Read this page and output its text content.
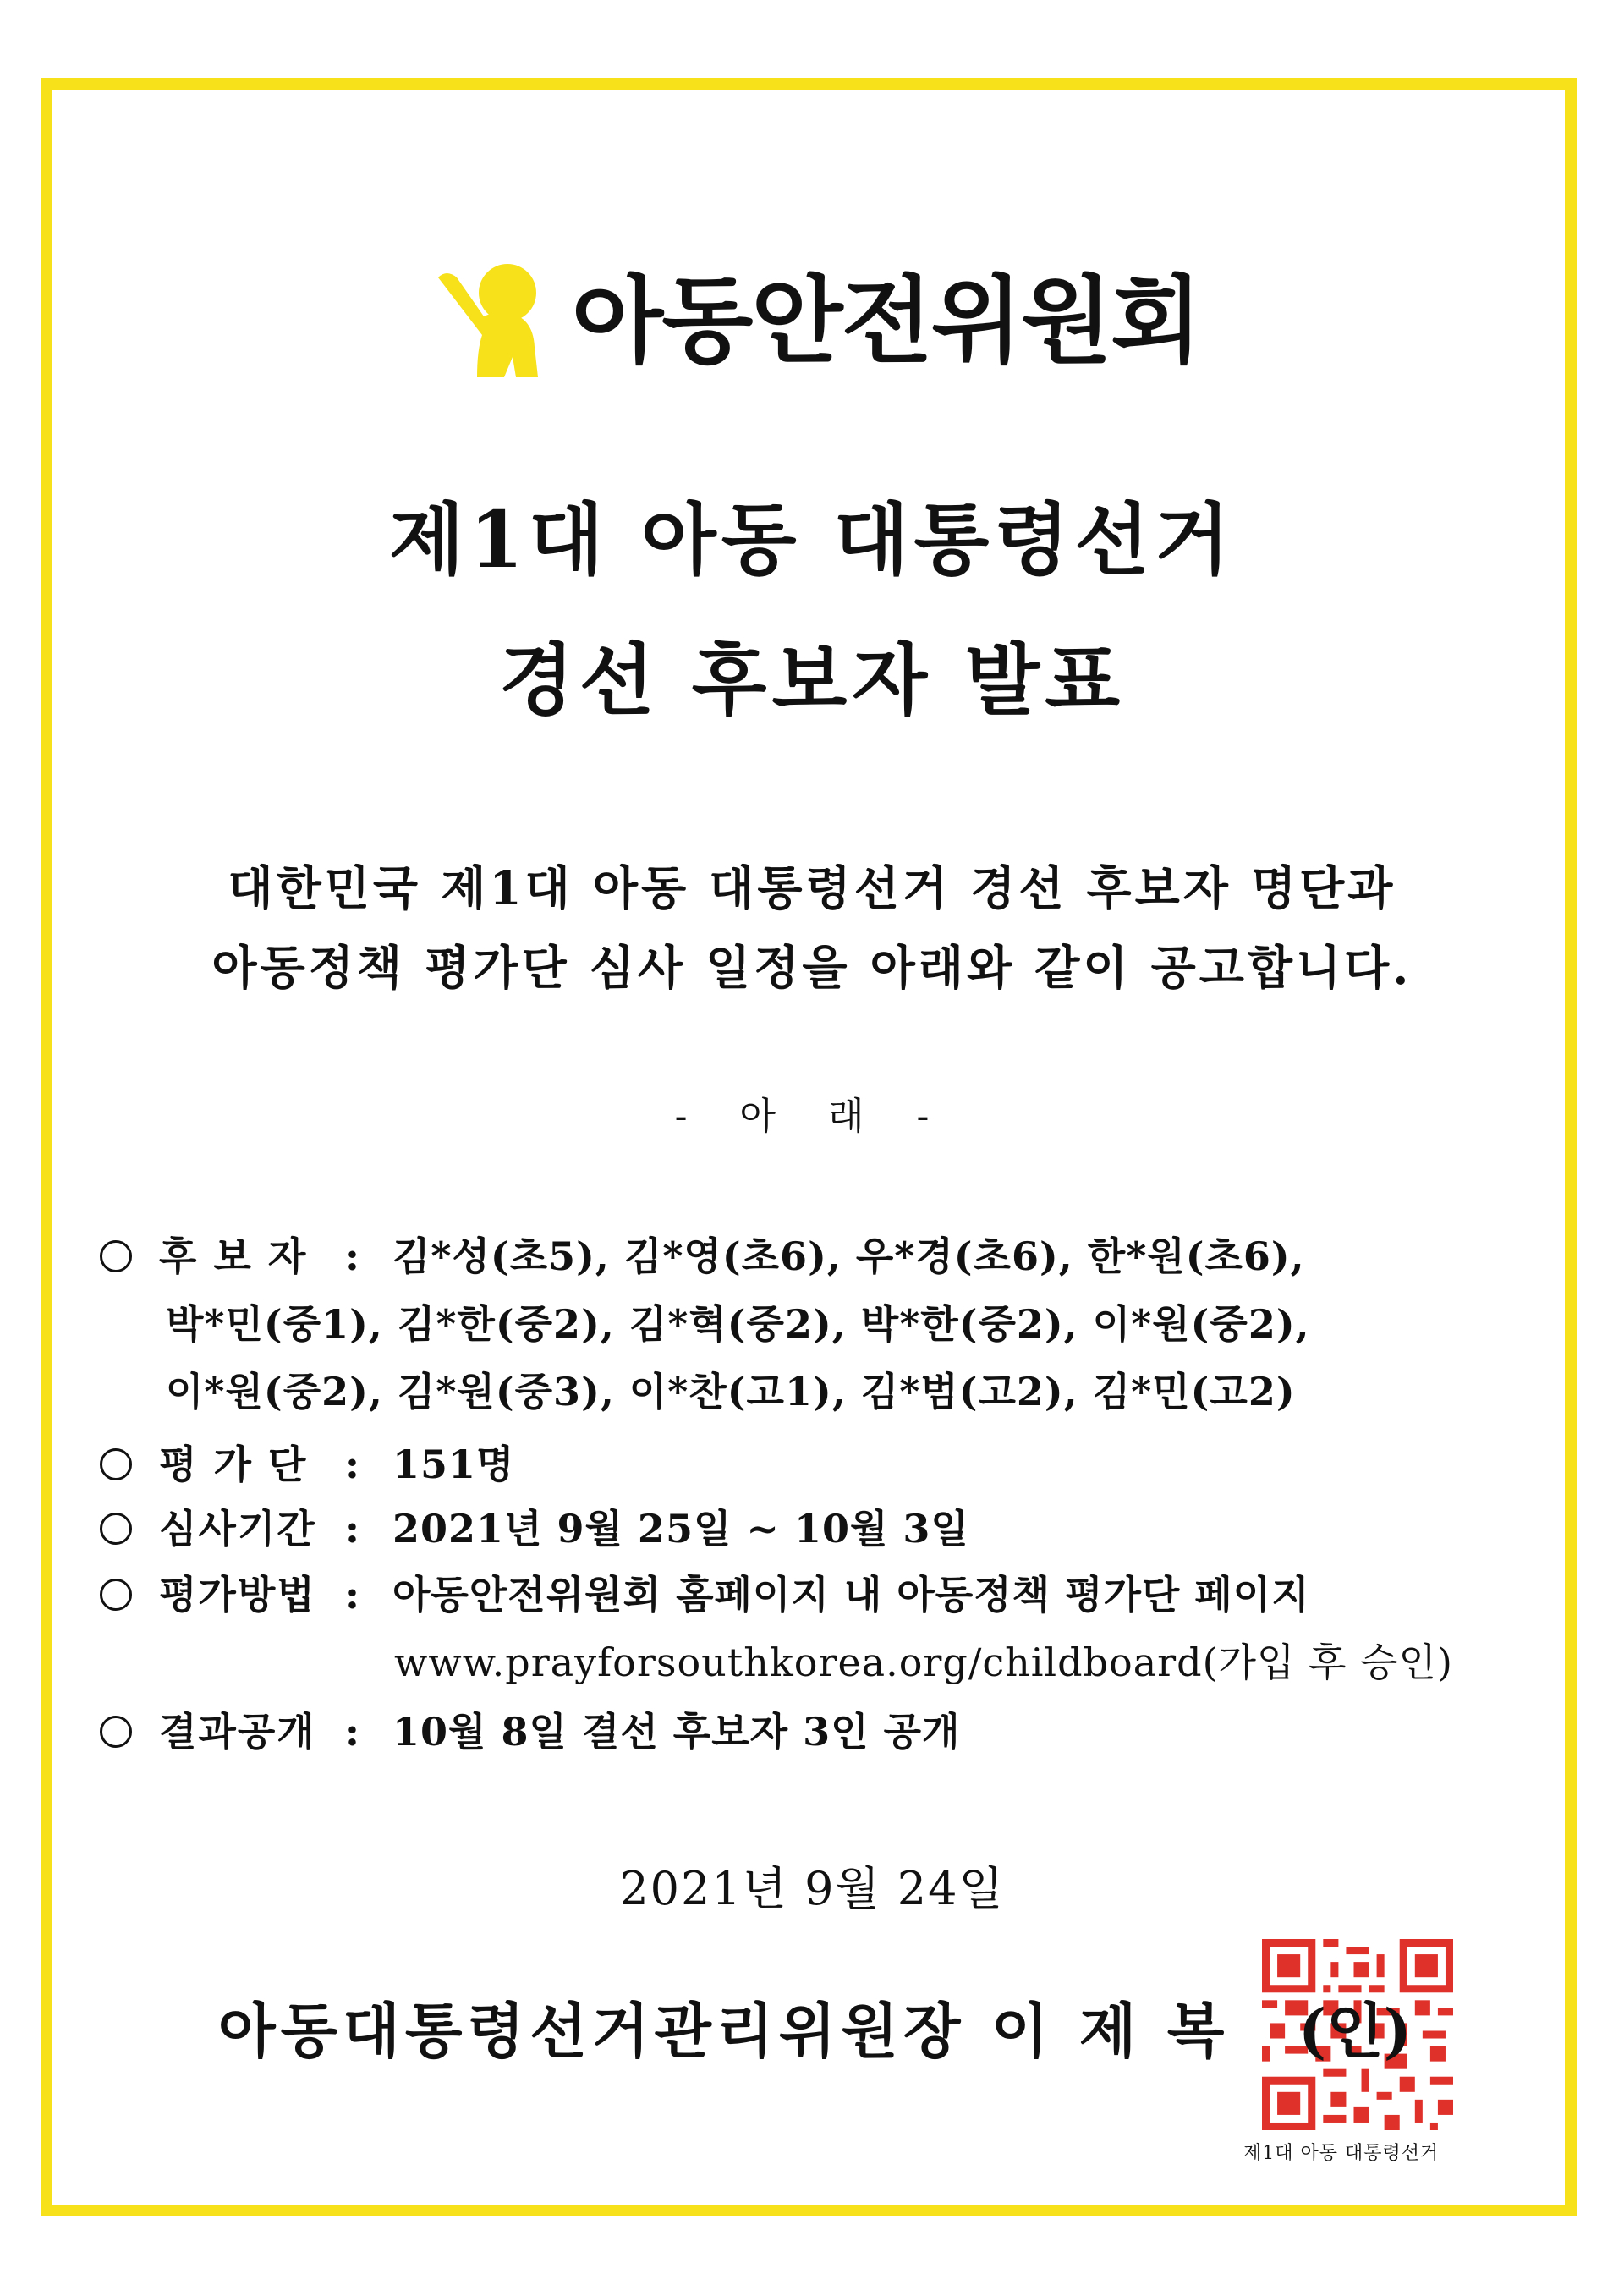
아동안전위원회
제1대 아동 대통령선거
경선 후보자 발표
대한민국 제1대 아동 대통령선거 경선 후보자 명단과
아동정책 평가단 심사 일정을 아래와 같이 공고합니다.
- 아 래 -
후 보 자 : 김*성(초5), 김*영(초6), 우*경(초6), 한*원(초6),
박*민(중1), 김*한(중2), 김*혁(중2), 박*한(중2), 이*원(중2),
이*원(중2), 김*원(중3), 이*찬(고1), 김*범(고2), 김*민(고2)
평 가 단 : 151명
심사기간 : 2021년 9월 25일 ~ 10월 3일
평가방법 : 아동안전위원회 홈페이지 내 아동정책 평가단 페이지
www.prayforsouthkorea.org/childboard(가입 후 승인)
결과공개 : 10월 8일 결선 후보자 3인 공개
2021년 9월 24일
아동대통령선거관리위원장 이 제 복 (인)
제1대 아동 대통령선거
